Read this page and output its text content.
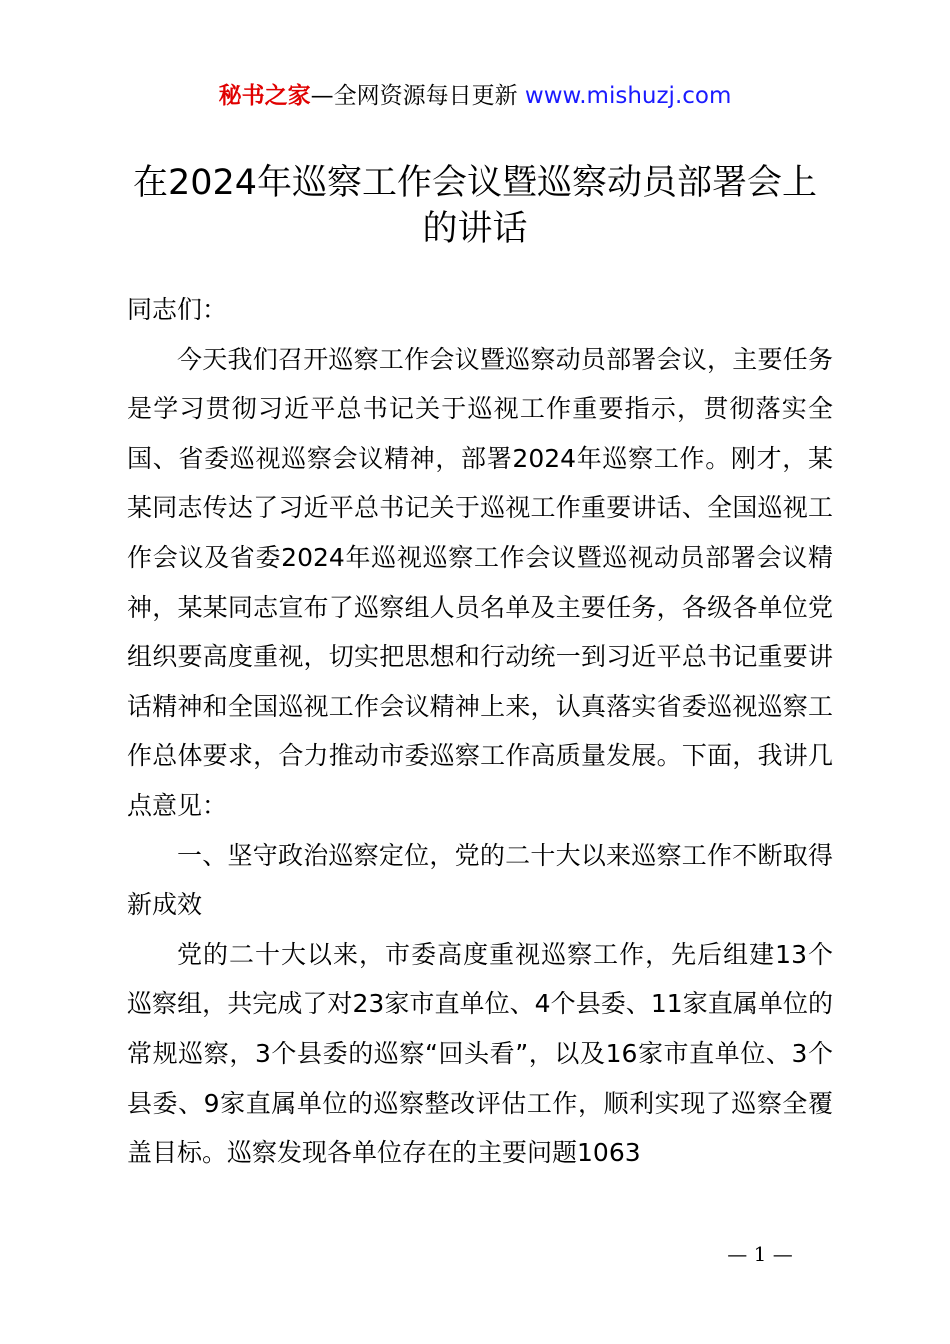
秘书之家—全网资源每日更新 www.mishuzj.com
在2024年巡察工作会议暨巡察动员部署会上的讲话

同志们：

今天我们召开巡察工作会议暨巡察动员部署会议，主要任务是学习贯彻习近平总书记关于巡视工作重要指示，贯彻落实全国、省委巡视巡察会议精神，部署2024年巡察工作。刚才，某某同志传达了习近平总书记关于巡视工作重要讲话、全国巡视工作会议及省委2024年巡视巡察工作会议暨巡视动员部署会议精神，某某同志宣布了巡察组人员名单及主要任务，各级各单位党组织要高度重视，切实把思想和行动统一到习近平总书记重要讲话精神和全国巡视工作会议精神上来，认真落实省委巡视巡察工作总体要求，合力推动市委巡察工作高质量发展。下面，我讲几点意见：

一、坚守政治巡察定位，党的二十大以来巡察工作不断取得新成效

党的二十大以来，市委高度重视巡察工作，先后组建13个巡察组，共完成了对23家市直单位、4个县委、11家直属单位的常规巡察，3个县委的巡察“回头看”，以及16家市直单位、3个县委、9家直属单位的巡察整改评估工作，顺利实现了巡察全覆盖目标。巡察发现各单位存在的主要问题1063

— 1 —
